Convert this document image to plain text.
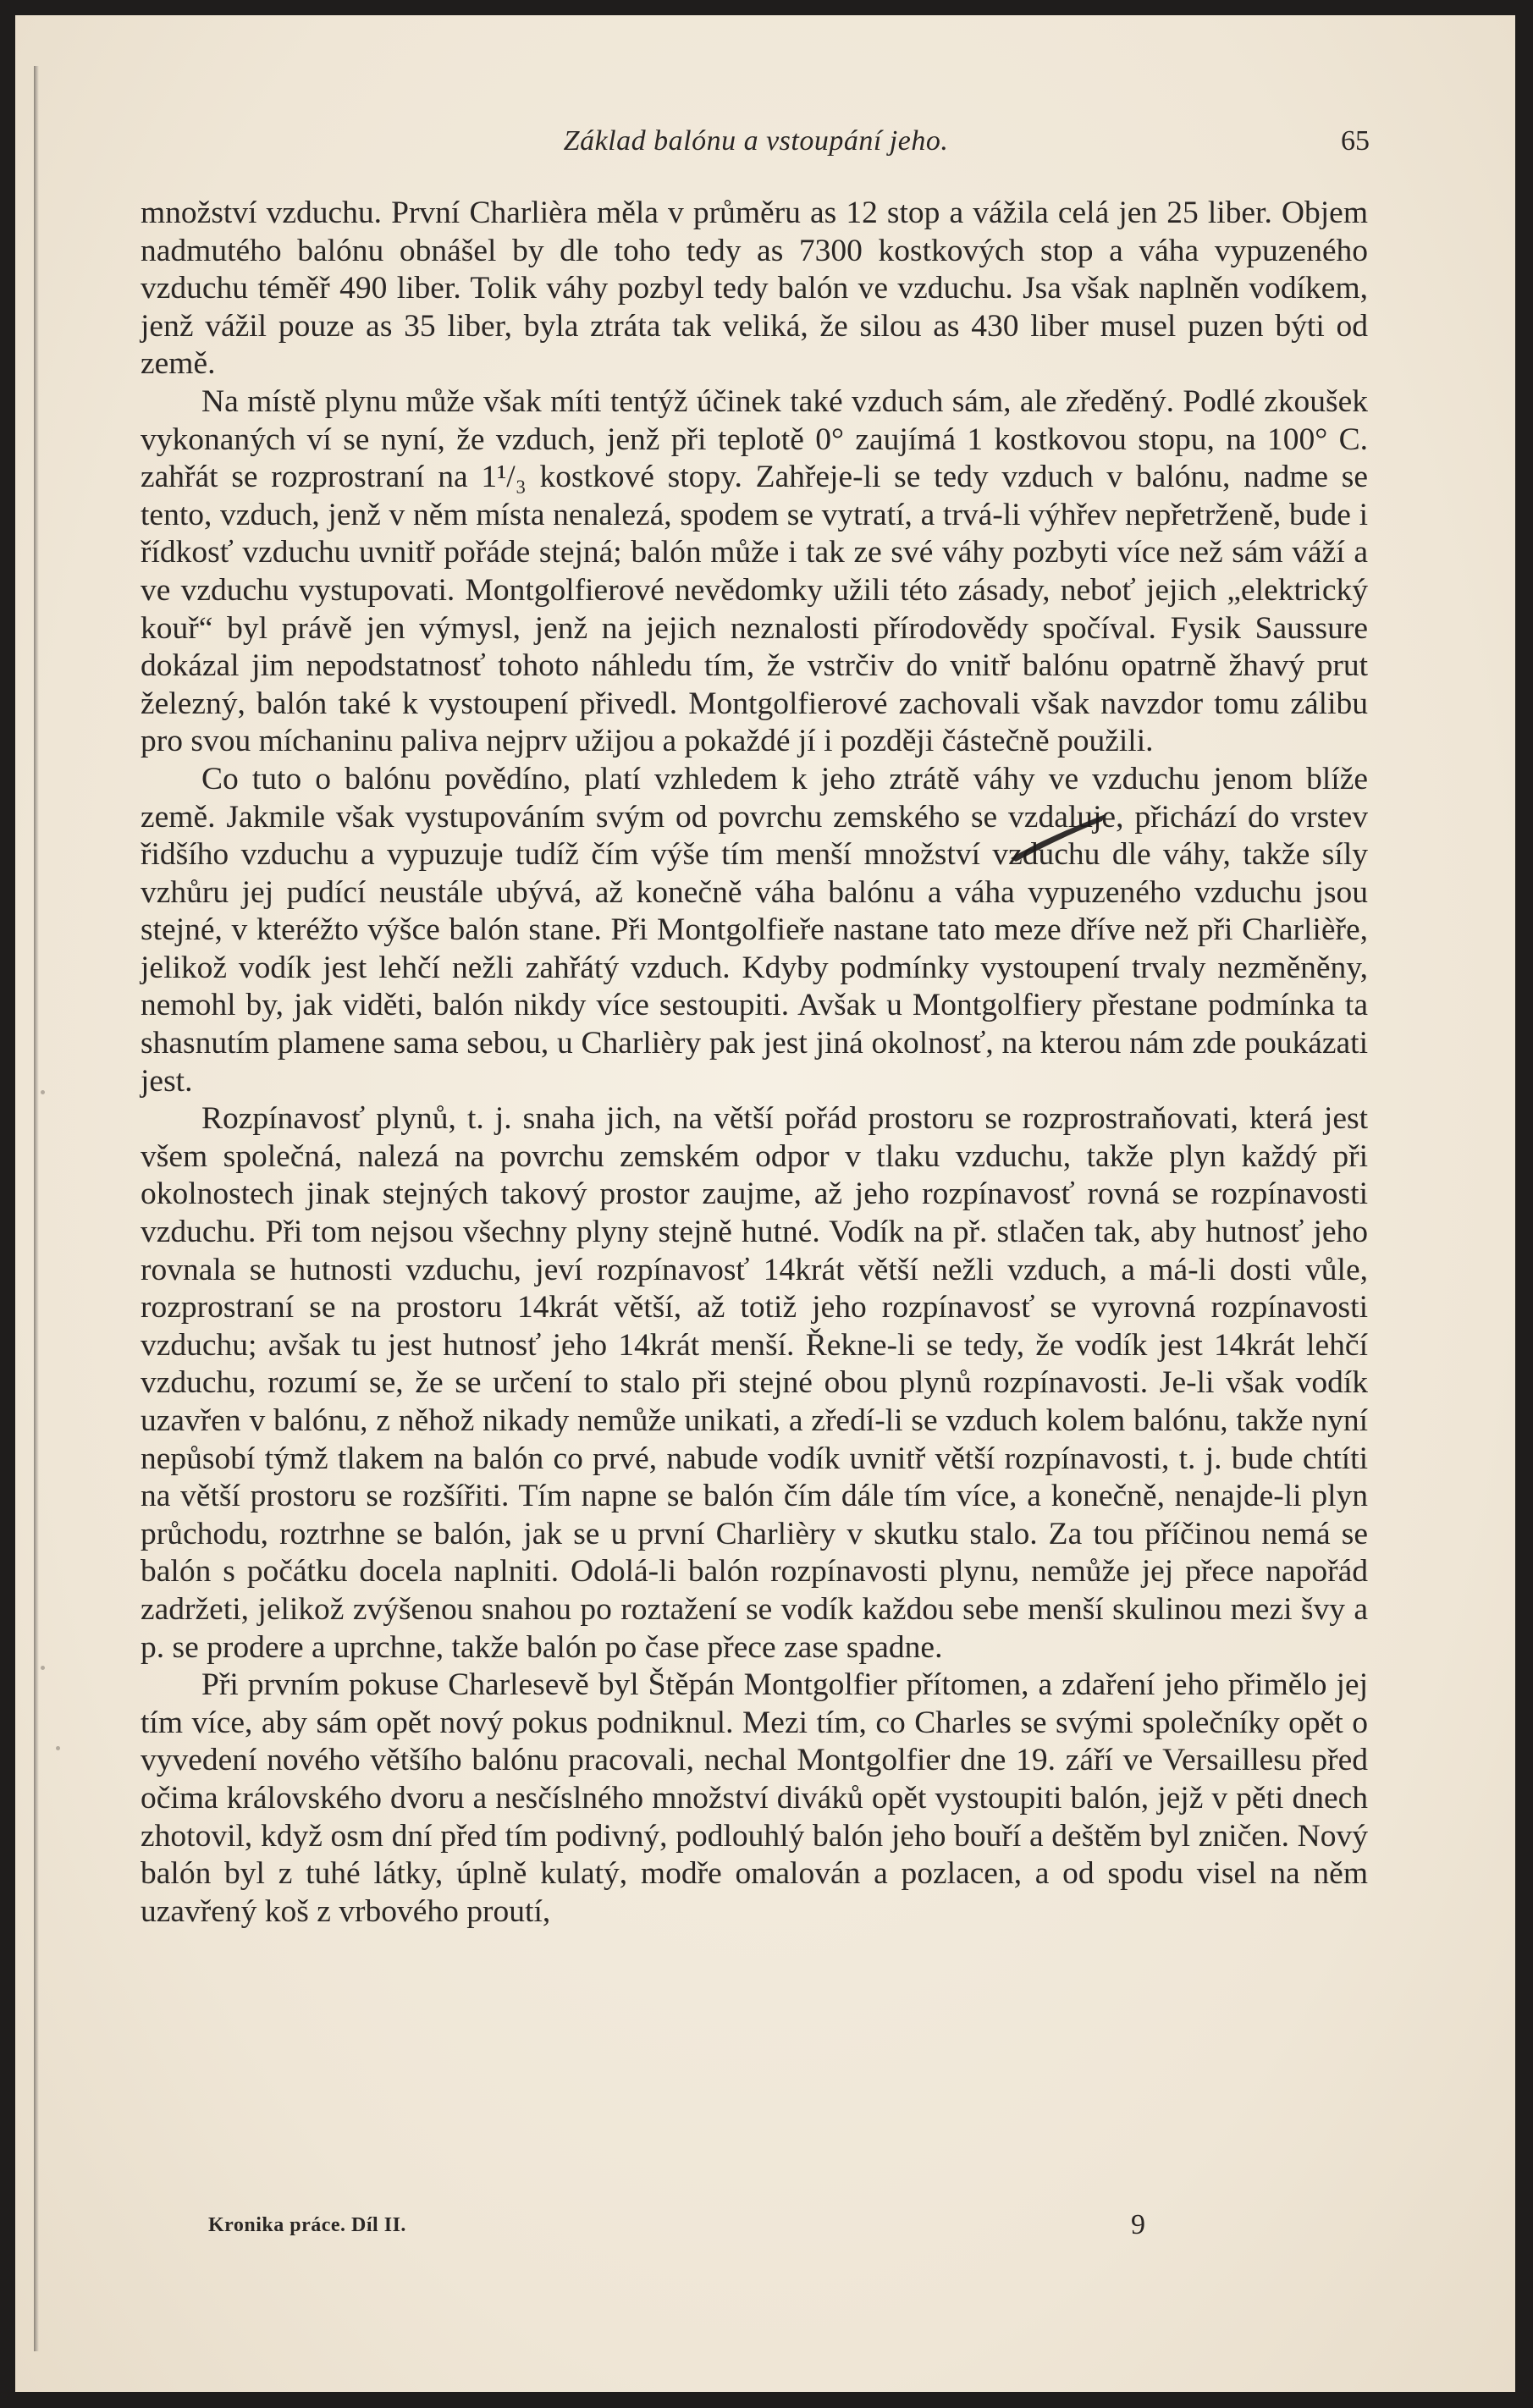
Základ balónu a vstoupání jeho.	65

množství vzduchu. První Charlièra měla v průměru as 12 stop a vážila celá jen 25 liber. Objem nadmutého balónu obnášel by dle toho tedy as 7300 kostkových stop a váha vypuzeného vzduchu téměř 490 liber. Tolik váhy pozbyl tedy balón ve vzduchu. Jsa však naplněn vodíkem, jenž vážil pouze as 35 liber, byla ztráta tak veliká, že silou as 430 liber musel puzen býti od země.

Na místě plynu může však míti tentýž účinek také vzduch sám, ale zředěný. Podlé zkoušek vykonaných ví se nyní, že vzduch, jenž při teplotě 0° zaujímá 1 kostkovou stopu, na 100° C. zahřát se rozprostraní na 1¹/₃ kostkové stopy. Zahřeje-li se tedy vzduch v balónu, nadme se tento, vzduch, jenž v něm místa nenalezá, spodem se vytratí, a trvá-li výhřev nepřetrženě, bude i řídkosť vzduchu uvnitř pořáde stejná; balón může i tak ze své váhy pozbyti více než sám váží a ve vzduchu vystupovati. Montgolfierové nevědomky užili této zásady, neboť jejich „elektrický kouř“ byl právě jen výmysl, jenž na jejich neznalosti přírodovědy spočíval. Fysik Saussure dokázal jim nepodstatnosť tohoto náhledu tím, že vstrčiv do vnitř balónu opatrně žhavý prut železný, balón také k vystoupení přivedl. Montgolfierové zachovali však navzdor tomu zálibu pro svou míchaninu paliva nejprv užijou a pokaždé jí i později částečně použili.

Co tuto o balónu povědíno, platí vzhledem k jeho ztrátě váhy ve vzduchu jenom blíže země. Jakmile však vystupováním svým od povrchu zemského se vzdaluje, přichází do vrstev řidšího vzduchu a vypuzuje tudíž čím výše tím menší množství vzduchu dle váhy, takže síly vzhůru jej pudící neustále ubývá, až konečně váha balónu a váha vypuzeného vzduchu jsou stejné, v kteréžto výšce balón stane. Při Montgolfieře nastane tato meze dříve než při Charlièře, jelikož vodík jest lehčí nežli zahřátý vzduch. Kdyby podmínky vystoupení trvaly nezměněny, nemohl by, jak viděti, balón nikdy více sestoupiti. Avšak u Montgolfiery přestane podmínka ta shasnutím plamene sama sebou, u Charlièry pak jest jiná okolnosť, na kterou nám zde poukázati jest.

Rozpínavosť plynů, t. j. snaha jich, na větší pořád prostoru se rozprostraňovati, která jest všem společná, nalezá na povrchu zemském odpor v tlaku vzduchu, takže plyn každý při okolnostech jinak stejných takový prostor zaujme, až jeho rozpínavosť rovná se rozpínavosti vzduchu. Při tom nejsou všechny plyny stejně hutné. Vodík na př. stlačen tak, aby hutnosť jeho rovnala se hutnosti vzduchu, jeví rozpínavosť 14krát větší nežli vzduch, a má-li dosti vůle, rozprostraní se na prostoru 14krát větší, až totiž jeho rozpínavosť se vyrovná rozpínavosti vzduchu; avšak tu jest hutnosť jeho 14krát menší. Řekne-li se tedy, že vodík jest 14krát lehčí vzduchu, rozumí se, že se určení to stalo při stejné obou plynů rozpínavosti. Je-li však vodík uzavřen v balónu, z něhož nikady nemůže unikati, a zředí-li se vzduch kolem balónu, takže nyní nepůsobí týmž tlakem na balón co prvé, nabude vodík uvnitř větší rozpínavosti, t. j. bude chtíti na větší prostoru se rozšířiti. Tím napne se balón čím dále tím více, a konečně, nenajde-li plyn průchodu, roztrhne se balón, jak se u první Charlièry v skutku stalo. Za tou příčinou nemá se balón s počátku docela naplniti. Odolá-li balón rozpínavosti plynu, nemůže jej přece napořád zadržeti, jelikož zvýšenou snahou po roztažení se vodík každou sebe menší skulinou mezi švy a p. se prodere a uprchne, takže balón po čase přece zase spadne.

Při prvním pokuse Charlesevě byl Štěpán Montgolfier přítomen, a zdaření jeho přimělo jej tím více, aby sám opět nový pokus podniknul. Mezi tím, co Charles se svými společníky opět o vyvedení nového většího balónu pracovali, nechal Montgolfier dne 19. září ve Versaillesu před očima královského dvoru a nesčíslného množství diváků opět vystoupiti balón, jejž v pěti dnech zhotovil, když osm dní před tím podivný, podlouhlý balón jeho bouří a deštěm byl zničen. Nový balón byl z tuhé látky, úplně kulatý, modře omalován a pozlacen, a od spodu visel na něm uzavřený koš z vrbového proutí,

Kronika práce. Díl II.	9
